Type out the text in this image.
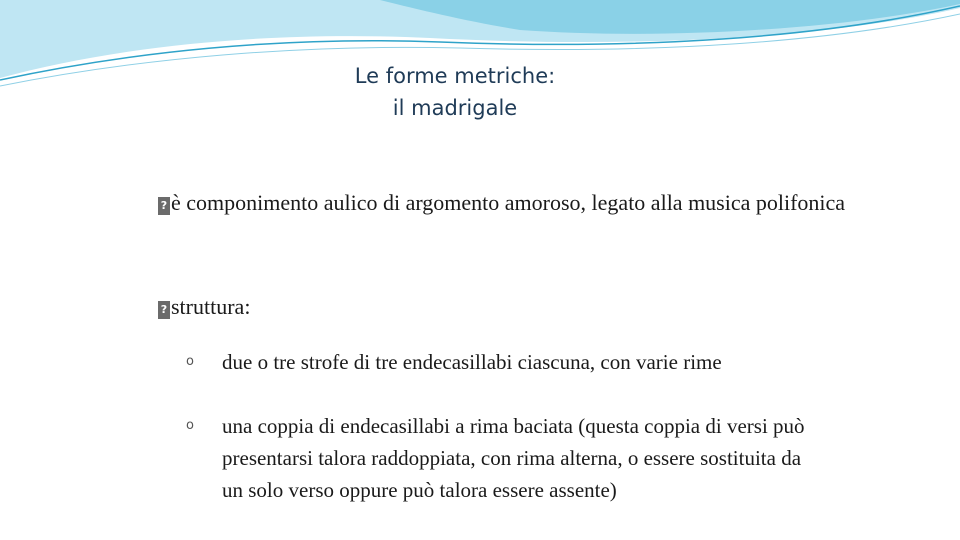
Le forme metriche:
il madrigale
? è componimento aulico di argomento amoroso, legato alla musica polifonica
? struttura:
o due o tre strofe di tre endecasillabi ciascuna, con varie rime
o una coppia di endecasillabi a rima baciata (questa coppia di versi può presentarsi talora raddoppiata, con rima alterna, o essere sostituita da un solo verso oppure può talora essere assente)
